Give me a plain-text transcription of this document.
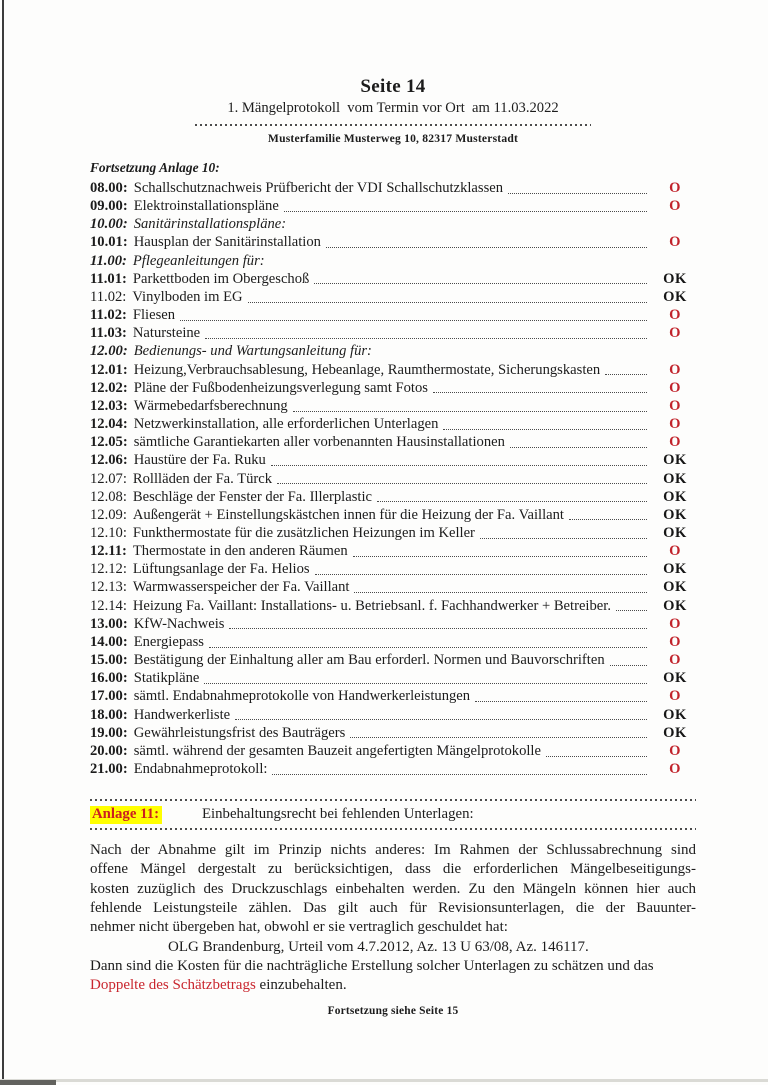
Seite 14
1. Mängelprotokoll  vom Termin vor Ort  am 11.03.2022
Musterfamilie Musterweg 10, 82317 Musterstadt
Fortsetzung Anlage 10:
08.00: Schallschutznachweis Prüfbericht der VDI Schallschutzklassen	O
09.00: Elektroinstallationspläne	O
10.00: Sanitärinstallationspläne:
10.01: Hausplan der Sanitärinstallation	O
11.00: Pflegeanleitungen für:
11.01: Parkettboden im Obergeschoß	OK
11.02: Vinylboden im EG	OK
11.02: Fliesen	O
11.03: Natursteine	O
12.00: Bedienungs- und Wartungsanleitung für:
12.01: Heizung,Verbrauchsablesung, Hebeanlage, Raumthermostate, Sicherungskasten	O
12.02: Pläne der Fußbodenheizungsverlegung samt Fotos	O
12.03: Wärmebedarfsberechnung	O
12.04: Netzwerkinstallation, alle erforderlichen Unterlagen	O
12.05: sämtliche Garantiekarten aller vorbenannten Hausinstallationen	O
12.06: Haustüre der Fa. Ruku	OK
12.07: Rollläden der Fa. Türck	OK
12.08: Beschläge der Fenster der Fa. Illerplastic	OK
12.09: Außengerät + Einstellungskästchen innen für die Heizung der Fa. Vaillant	OK
12.10: Funkthermostate für die zusätzlichen Heizungen im Keller	OK
12.11: Thermostate in den anderen Räumen	O
12.12: Lüftungsanlage der Fa. Helios	OK
12.13: Warmwasserspeicher der Fa. Vaillant	OK
12.14: Heizung Fa. Vaillant: Installations- u. Betriebsanl. f. Fachhandwerker + Betreiber.	OK
13.00: KfW-Nachweis	O
14.00: Energiepass	O
15.00: Bestätigung der Einhaltung aller am Bau erforderl. Normen und Bauvorschriften	O
16.00: Statikpläne	OK
17.00: sämtl. Endabnahmeprotokolle von Handwerkerleistungen	O
18.00: Handwerkerliste	OK
19.00: Gewährleistungsfrist des Bauträgers	OK
20.00: sämtl. während der gesamten Bauzeit angefertigten Mängelprotokolle	O
21.00: Endabnahmeprotokoll:	O
Anlage 11:	Einbehaltungsrecht bei fehlenden Unterlagen:
Nach der Abnahme gilt im Prinzip nichts anderes: Im Rahmen der Schlussabrechnung sind
offene Mängel dergestalt zu berücksichtigen, dass die erforderlichen Mängelbeseitigungs-
kosten zuzüglich des Druckzuschlags einbehalten werden. Zu den Mängeln können hier auch
fehlende Leistungsteile zählen. Das gilt auch für Revisionsunterlagen, die der Bauunter-
nehmer nicht übergeben hat, obwohl er sie vertraglich geschuldet hat:
OLG Brandenburg, Urteil vom 4.7.2012, Az. 13 U 63/08, Az. 146117.
Dann sind die Kosten für die nachträgliche Erstellung solcher Unterlagen zu schätzen und das Doppelte des Schätzbetrags einzubehalten.
Fortsetzung siehe Seite 15
